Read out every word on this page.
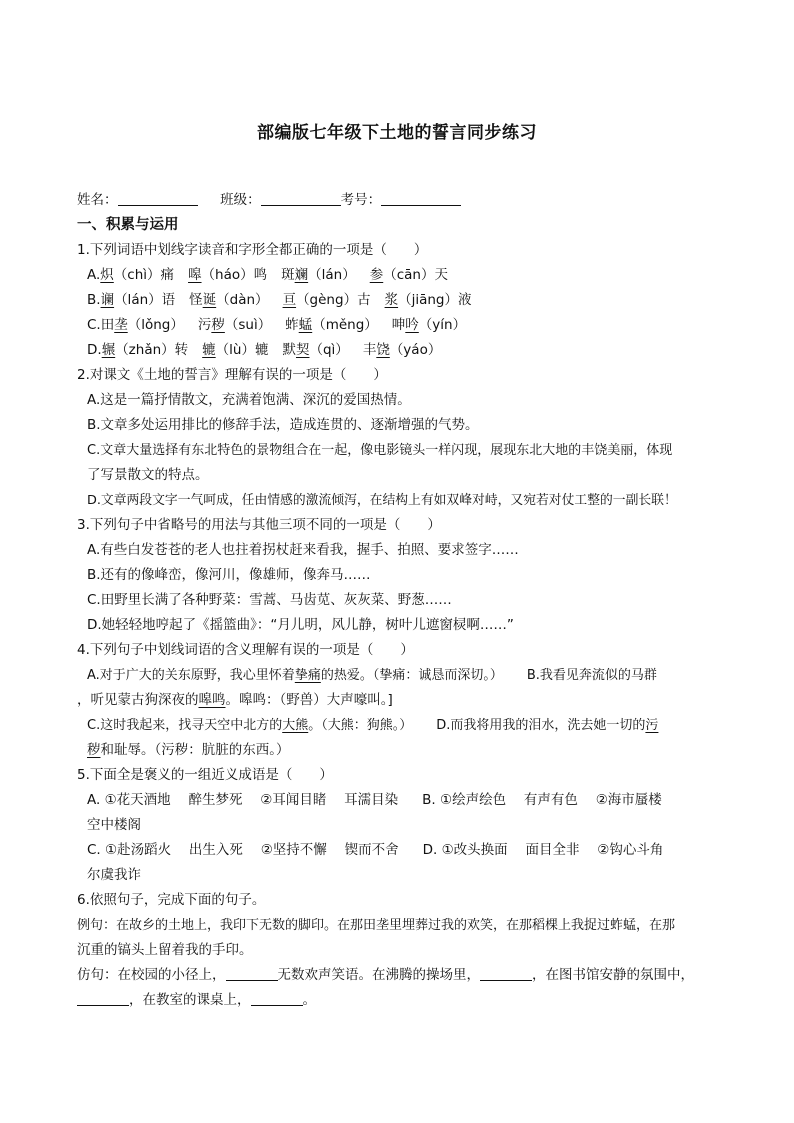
部编版七年级下土地的誓言同步练习
姓名：	班级：	考号：
一、积累与运用
1.下列词语中划线字读音和字形全都正确的一项是（　　）
A.炽（chì）痛 嗥（háo）鸣 斑斓（lán） 参（cān）天
B.谰（lán）语 怪诞（dàn） 亘（gèng）古 浆（jiāng）液
C.田垄（lǒng） 污秽（suì） 蚱蜢（měng） 呻吟（yín）
D.辗（zhǎn）转 辘（lù）辘 默契（qì） 丰饶（yáo）
2.对课文《土地的誓言》理解有误的一项是（　　）
A.这是一篇抒情散文，充满着饱满、深沉的爱国热情。
B.文章多处运用排比的修辞手法，造成连贯的、逐渐增强的气势。
C.文章大量选择有东北特色的景物组合在一起，像电影镜头一样闪现，展现东北大地的丰饶美丽，体现
了写景散文的特点。
D.文章两段文字一气呵成，任由情感的激流倾泻，在结构上有如双峰对峙，又宛若对仗工整的一副长联！
3.下列句子中省略号的用法与其他三项不同的一项是（　　）
A.有些白发苍苍的老人也拄着拐杖赶来看我，握手、拍照、要求签字……
B.还有的像峰峦，像河川，像雄师，像奔马……
C.田野里长满了各种野菜：雪蒿、马齿苋、灰灰菜、野葱……
D.她轻轻地哼起了《摇篮曲》：“月儿明，风儿静，树叶儿遮窗棂啊……”
4.下列句子中划线词语的含义理解有误的一项是（　　）
A.对于广大的关东原野，我心里怀着挚痛的热爱。（挚痛：诚恳而深切。） B.我看见奔流似的马群
，听见蒙古狗深夜的嗥鸣。嗥鸣：（野兽）大声嚎叫。]
C.这时我起来，找寻天空中北方的大熊。（大熊：狗熊。） D.而我将用我的泪水，洗去她一切的污
秽和耻辱。（污秽：肮脏的东西。）
5.下面全是褒义的一组近义成语是（　　）
A. ①花天酒地　 醉生梦死　 ②耳闻目睹　 耳濡目染 B. ①绘声绘色　 有声有色　 ②海市蜃楼
空中楼阁
C. ①赴汤蹈火　 出生入死　 ②坚持不懈　 锲而不舍 D. ①改头换面　 面目全非　 ②钩心斗角
尔虞我诈
6.依照句子，完成下面的句子。
例句：在故乡的土地上，我印下无数的脚印。在那田垄里埋葬过我的欢笑，在那稻棵上我捉过蚱蜢，在那
沉重的镐头上留着我的手印。
仿句：在校园的小径上，	无数欢声笑语。在沸腾的操场里，	，在图书馆安静的氛围中，
，在教室的课桌上，	。
